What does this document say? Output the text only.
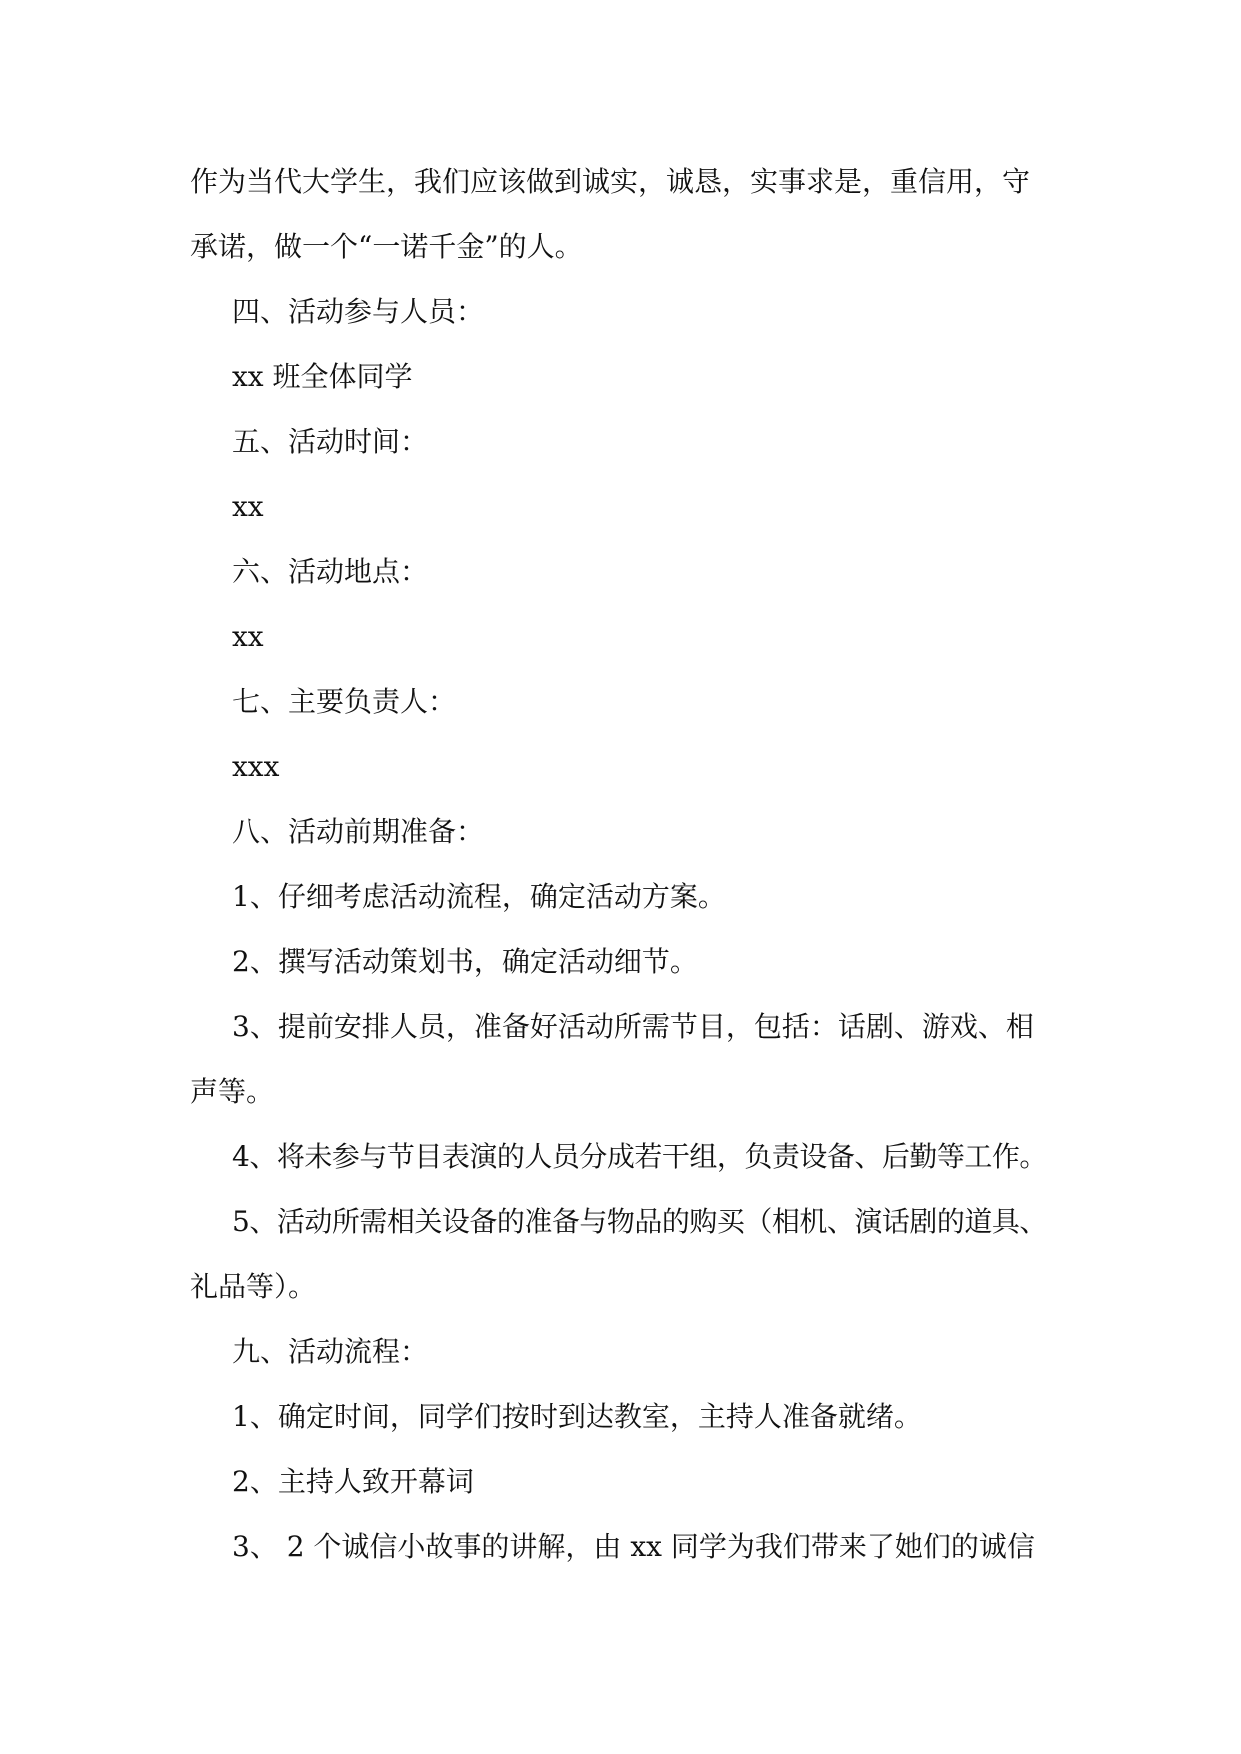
作为当代大学生，我们应该做到诚实，诚恳，实事求是，重信用，守

承诺，做一个“一诺千金”的人。

四、活动参与人员：

xx 班全体同学

五、活动时间：

xx

六、活动地点：

xx

七、主要负责人：

xxx

八、活动前期准备：

1、仔细考虑活动流程，确定活动方案。

2、撰写活动策划书，确定活动细节。

3、提前安排人员，准备好活动所需节目，包括：话剧、游戏、相

声等。

4、将未参与节目表演的人员分成若干组，负责设备、后勤等工作。

5、活动所需相关设备的准备与物品的购买（相机、演话剧的道具、

礼品等）。

九、活动流程：

1、确定时间，同学们按时到达教室，主持人准备就绪。

2、主持人致开幕词

3、 2 个诚信小故事的讲解，由 xx 同学为我们带来了她们的诚信
